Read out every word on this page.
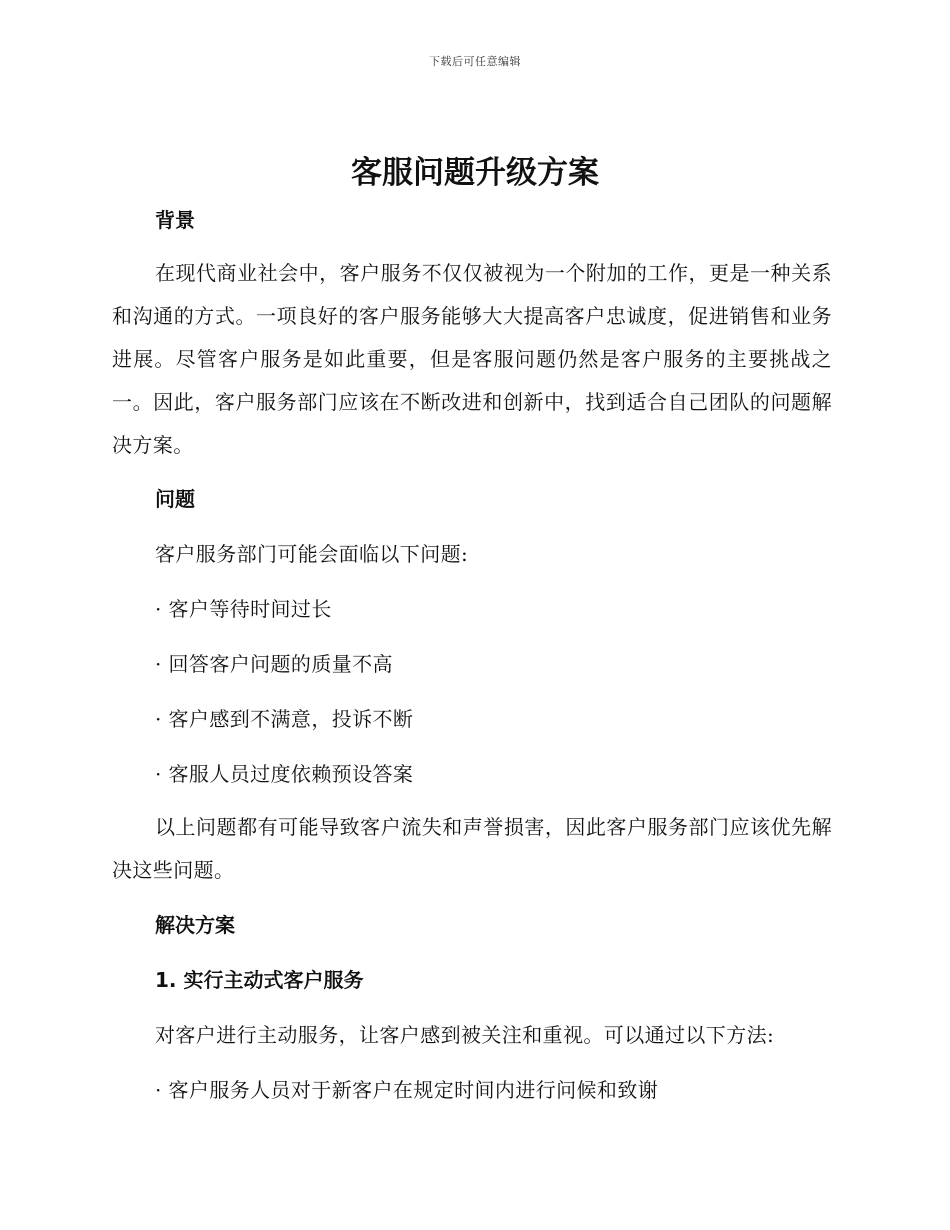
下载后可任意编辑
客服问题升级方案
背景

在现代商业社会中，客户服务不仅仅被视为一个附加的工作，更是一种关系和沟通的方式。一项良好的客户服务能够大大提高客户忠诚度，促进销售和业务进展。尽管客户服务是如此重要，但是客服问题仍然是客户服务的主要挑战之一。因此，客户服务部门应该在不断改进和创新中，找到适合自己团队的问题解决方案。

问题
客户服务部门可能会面临以下问题:
· 客户等待时间过长
· 回答客户问题的质量不高
· 客户感到不满意，投诉不断
· 客服人员过度依赖预设答案

以上问题都有可能导致客户流失和声誉损害，因此客户服务部门应该优先解决这些问题。

解决方案
1. 实行主动式客户服务
对客户进行主动服务，让客户感到被关注和重视。可以通过以下方法:
· 客户服务人员对于新客户在规定时间内进行问候和致谢
